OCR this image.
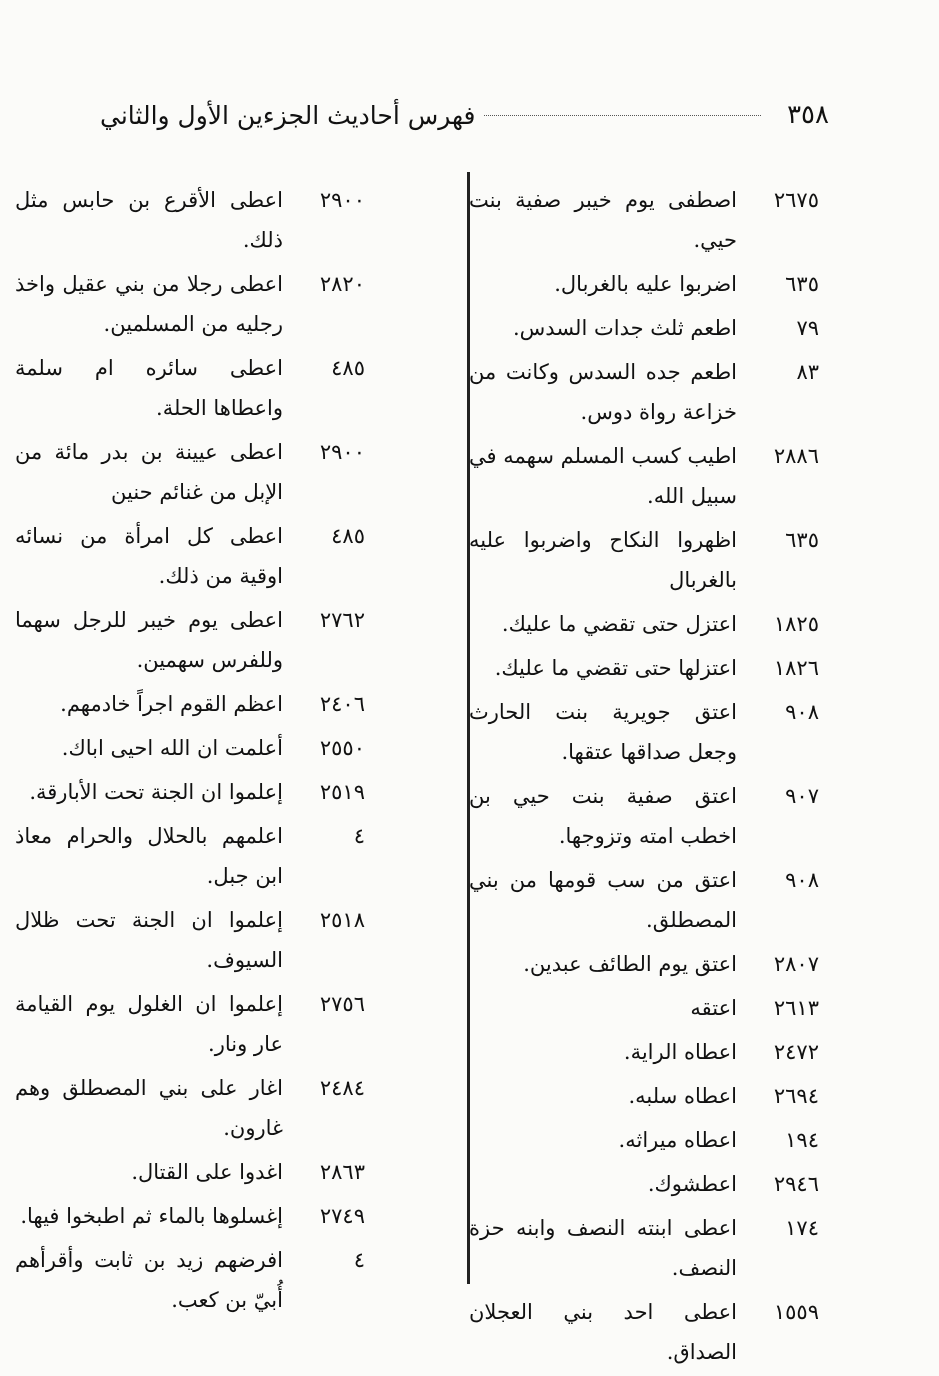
٣٥٨
فهرس أحاديث الجزءين الأول والثاني
٢٦٧٥
اصطفى يوم خيبر صفية بنت حيي.
٦٣٥
اضربوا عليه بالغربال.
٧٩
اطعم ثلث جدات السدس.
٨٣
اطعم جده السدس وكانت من خزاعة رواة دوس.
٢٨٨٦
اطيب كسب المسلم سهمه في سبيل الله.
٦٣٥
اظهروا النكاح واضربوا عليه بالغربال
١٨٢٥
اعتزل حتى تقضي ما عليك.
١٨٢٦
اعتزلها حتى تقضي ما عليك.
٩٠٨
اعتق جويرية بنت الحارث وجعل صداقها عتقها.
٩٠٧
اعتق صفية بنت حيي بن اخطب امته وتزوجها.
٩٠٨
اعتق من سب قومها من بني المصطلق.
٢٨٠٧
اعتق يوم الطائف عبدين.
٢٦١٣
اعتقه
٢٤٧٢
اعطاه الراية.
٢٦٩٤
اعطاه سلبه.
١٩٤
اعطاه ميراثه.
٢٩٤٦
اعطشوك.
١٧٤
اعطى ابنته النصف وابنه حزة النصف.
١٥٥٩
اعطى احد بني العجلان الصداق.
٢٩٠٠
اعطى الأقرع بن حابس مثل ذلك.
٢٨٢٠
اعطى رجلا من بني عقيل واخذ رجليه من المسلمين.
٤٨٥
اعطى سائره ام سلمة واعطاها الحلة.
٢٩٠٠
اعطى عيينة بن بدر مائة من الإبل من غنائم حنين
٤٨٥
اعطى كل امرأة من نسائه اوقية من ذلك.
٢٧٦٢
اعطى يوم خيبر للرجل سهما وللفرس سهمين.
٢٤٠٦
اعظم القوم اجراً خادمهم.
٢٥٥٠
أعلمت ان الله احيى اباك.
٢٥١٩
إعلموا ان الجنة تحت الأبارقة.
٤
اعلمهم بالحلال والحرام معاذ ابن جبل.
٢٥١٨
إعلموا ان الجنة تحت ظلال السيوف.
٢٧٥٦
إعلموا ان الغلول يوم القيامة عار ونار.
٢٤٨٤
اغار على بني المصطلق وهم غارون.
٢٨٦٣
اغدوا على القتال.
٢٧٤٩
إغسلوها بالماء ثم اطبخوا فيها.
٤
افرضهم زيد بن ثابت وأقرأهم أُبيّ بن كعب.
